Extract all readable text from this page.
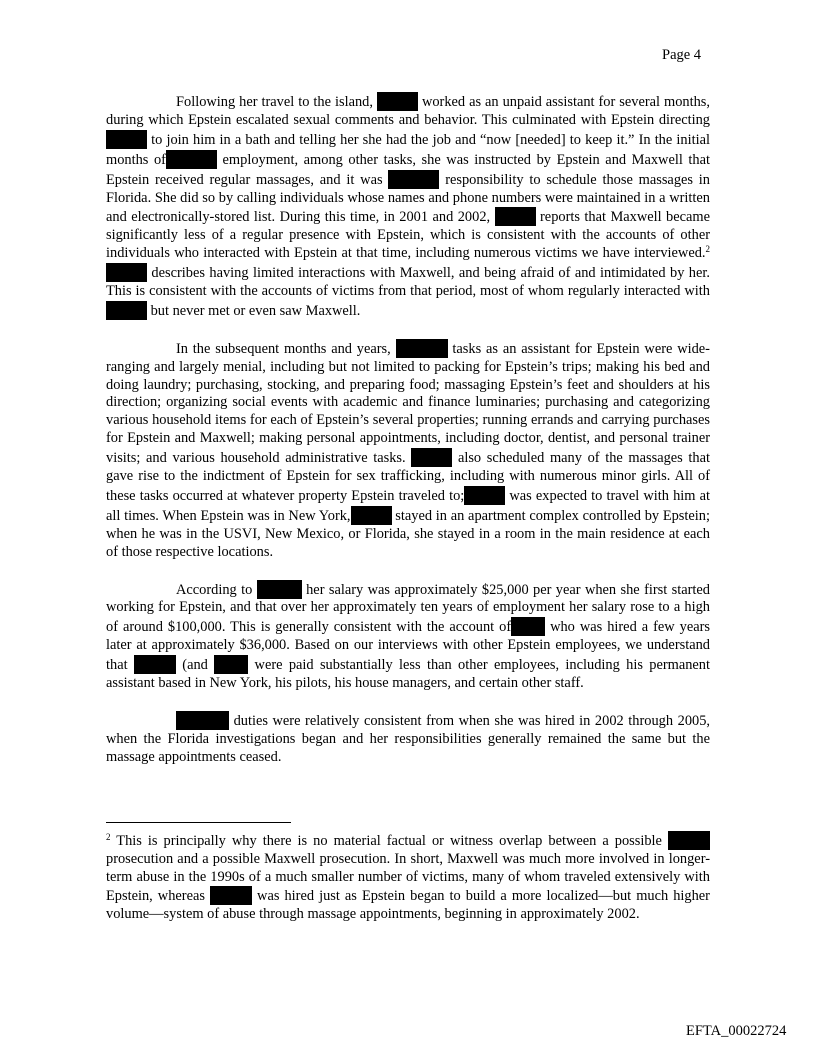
Page 4

Following her travel to the island,	worked as an unpaid assistant for several months, during which Epstein escalated sexual comments and behavior. This culminated with Epstein directing to join him in a bath and telling her she had the job and “now [needed] to keep it.” In the initial months of	employment, among other tasks, she was instructed by Epstein and Maxwell that Epstein received regular massages, and it was	responsibility to schedule those massages in Florida. She did so by calling individuals whose names and phone numbers were maintained in a written and electronically-stored list. During this time, in 2001 and 2002,	reports that Maxwell became significantly less of a regular presence with Epstein, which is consistent with the accounts of other individuals who interacted with Epstein at that time, including numerous victims we have interviewed.$^2$  describes having limited interactions with Maxwell, and being afraid of and intimidated by her. This is consistent with the accounts of victims from that period, most of whom regularly interacted with  but never met or even saw Maxwell.

In the subsequent months and years,	tasks as an assistant for Epstein were wide-ranging and largely menial, including but not limited to packing for Epstein’s trips; making his bed and doing laundry; purchasing, stocking, and preparing food; massaging Epstein’s feet and shoulders at his direction; organizing social events with academic and finance luminaries; purchasing and categorizing various household items for each of Epstein’s several properties; running errands and carrying purchases for Epstein and Maxwell; making personal appointments, including doctor, dentist, and personal trainer visits; and various household administrative tasks.	also scheduled many of the massages that gave rise to the indictment of Epstein for sex trafficking, including with numerous minor girls. All of these tasks occurred at whatever property Epstein traveled to;	was expected to travel with him at all times. When Epstein was in New York,	stayed in an apartment complex controlled by Epstein; when he was in the USVI, New Mexico, or Florida, she stayed in a room in the main residence at each of those respective locations.

According to	her salary was approximately $25,000 per year when she first started working for Epstein, and that over her approximately ten years of employment her salary rose to a high of around $100,000. This is generally consistent with the account of	who was hired a few years later at approximately $36,000. Based on our interviews with other Epstein employees, we understand that	(and	were paid substantially less than other employees, including his permanent assistant based in New York, his pilots, his house managers, and certain other staff.

duties were relatively consistent from when she was hired in 2002 through 2005, when the Florida investigations began and her responsibilities generally remained the same but the massage appointments ceased.

$^2$ This is principally why there is no material factual or witness overlap between a possible  prosecution and a possible Maxwell prosecution. In short, Maxwell was much more involved in longer-term abuse in the 1990s of a much smaller number of victims, many of whom traveled extensively with Epstein, whereas	was hired just as Epstein began to build a more localized—but much higher volume—system of abuse through massage appointments, beginning in approximately 2002.

EFTA_00022724
